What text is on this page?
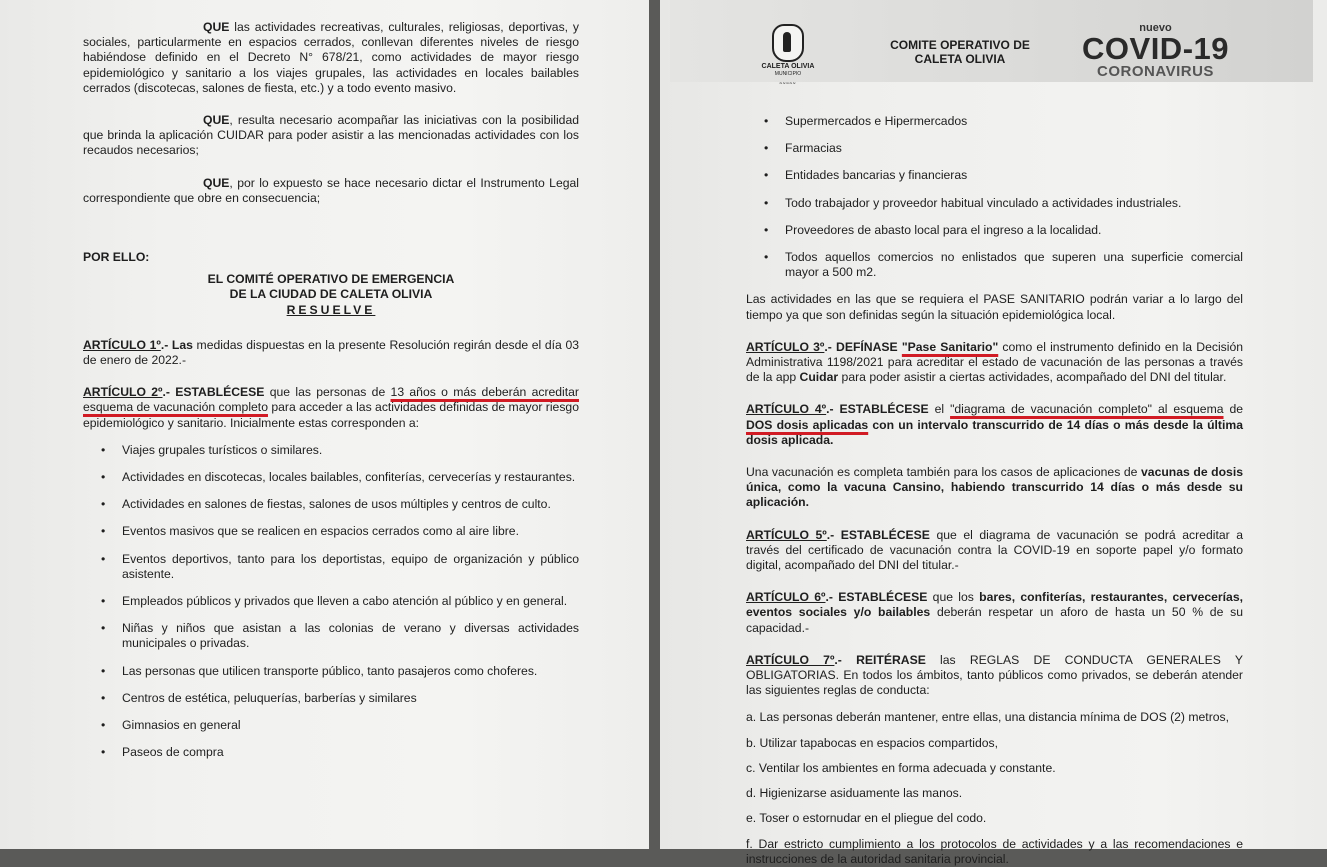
QUE las actividades recreativas, culturales, religiosas, deportivas, y sociales, particularmente en espacios cerrados, conllevan diferentes niveles de riesgo habiéndose definido en el Decreto N° 678/21, como actividades de mayor riesgo epidemiológico y sanitario a los viajes grupales, las actividades en locales bailables cerrados (discotecas, salones de fiesta, etc.) y a todo evento masivo.

QUE, resulta necesario acompañar las iniciativas con la posibilidad que brinda la aplicación CUIDAR para poder asistir a las mencionadas actividades con los recaudos necesarios;

QUE, por lo expuesto se hace necesario dictar el Instrumento Legal correspondiente que obre en consecuencia;

POR ELLO:

EL COMITÉ OPERATIVO DE EMERGENCIA

DE LA CIUDAD DE CALETA OLIVIA

RESUELVE

ARTÍCULO 1º.- Las medidas dispuestas en la presente Resolución regirán desde el día 03 de enero de 2022.-

ARTÍCULO 2º.- ESTABLÉCESE que las personas de 13 años o más deberán acreditar esquema de vacunación completo para acceder a las actividades definidas de mayor riesgo epidemiológico y sanitario. Inicialmente estas corresponden a:

• Viajes grupales turísticos o similares.
• Actividades en discotecas, locales bailables, confiterías, cervecerías y restaurantes.
• Actividades en salones de fiestas, salones de usos múltiples y centros de culto.
• Eventos masivos que se realicen en espacios cerrados como al aire libre.
• Eventos deportivos, tanto para los deportistas, equipo de organización y público asistente.
• Empleados públicos y privados que lleven a cabo atención al público y en general.
• Niñas y niños que asistan a las colonias de verano y diversas actividades municipales o privadas.
• Las personas que utilicen transporte público, tanto pasajeros como choferes.
• Centros de estética, peluquerías, barberías y similares
• Gimnasios en general
• Paseos de compra
CALETA OLIVIA
MUNICIPIO
˷˷˷˷˷
COMITE OPERATIVO DE
CALETA OLIVIA
nuevo
COVID-19
CORONAVIRUS
• Supermercados e Hipermercados
• Farmacias
• Entidades bancarias y financieras
• Todo trabajador y proveedor habitual vinculado a actividades industriales.
• Proveedores de abasto local para el ingreso a la localidad.
• Todos aquellos comercios no enlistados que superen una superficie comercial mayor a 500 m2.

Las actividades en las que se requiera el PASE SANITARIO podrán variar a lo largo del tiempo ya que son definidas según la situación epidemiológica local.

ARTÍCULO 3º.- DEFÍNASE "Pase Sanitario" como el instrumento definido en la Decisión Administrativa 1198/2021 para acreditar el estado de vacunación de las personas a través de la app Cuidar para poder asistir a ciertas actividades, acompañado del DNI del titular.

ARTÍCULO 4º.- ESTABLÉCESE el "diagrama de vacunación completo" al esquema de DOS dosis aplicadas con un intervalo transcurrido de 14 días o más desde la última dosis aplicada.

Una vacunación es completa también para los casos de aplicaciones de vacunas de dosis única, como la vacuna Cansino, habiendo transcurrido 14 días o más desde su aplicación.

ARTÍCULO 5º.- ESTABLÉCESE que el diagrama de vacunación se podrá acreditar a través del certificado de vacunación contra la COVID-19 en soporte papel y/o formato digital, acompañado del DNI del titular.-

ARTÍCULO 6º.- ESTABLÉCESE que los bares, confiterías, restaurantes, cervecerías, eventos sociales y/o bailables deberán respetar un aforo de hasta un 50 % de su capacidad.-

ARTÍCULO 7º.- REITÉRASE las REGLAS DE CONDUCTA GENERALES Y OBLIGATORIAS. En todos los ámbitos, tanto públicos como privados, se deberán atender las siguientes reglas de conducta:

a. Las personas deberán mantener, entre ellas, una distancia mínima de DOS (2) metros,
b. Utilizar tapabocas en espacios compartidos,
c. Ventilar los ambientes en forma adecuada y constante.
d. Higienizarse asiduamente las manos.
e. Toser o estornudar en el pliegue del codo.
f. Dar estricto cumplimiento a los protocolos de actividades y a las recomendaciones e instrucciones de la autoridad sanitaria provincial.
